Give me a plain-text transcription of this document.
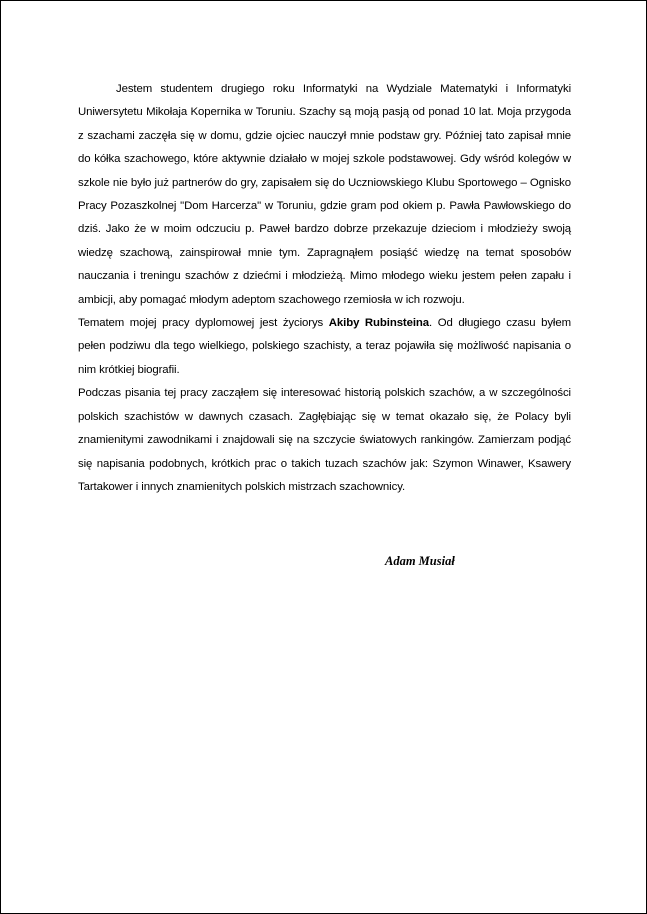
Jestem studentem drugiego roku Informatyki na Wydziale Matematyki i Informatyki Uniwersytetu Mikołaja Kopernika w Toruniu. Szachy są moją pasją od ponad 10 lat. Moja przygoda z szachami zaczęła się w domu, gdzie ojciec nauczył mnie podstaw gry. Później tato zapisał mnie do kółka szachowego, które aktywnie działało w mojej szkole podstawowej. Gdy wśród kolegów w szkole nie było już partnerów do gry, zapisałem się do Uczniowskiego Klubu Sportowego – Ognisko Pracy Pozaszkolnej "Dom Harcerza" w Toruniu, gdzie gram pod okiem p. Pawła Pawłowskiego do dziś. Jako że w moim odczuciu p. Paweł bardzo dobrze przekazuje dzieciom i młodzieży swoją wiedzę szachową, zainspirował mnie tym. Zapragnąłem posiąść wiedzę na temat sposobów nauczania i treningu szachów z dziećmi i młodzieżą. Mimo młodego wieku jestem pełen zapału i ambicji, aby pomagać młodym adeptom szachowego rzemiosła w ich rozwoju.

Tematem mojej pracy dyplomowej jest życiorys Akiby Rubinsteina. Od długiego czasu byłem pełen podziwu dla tego wielkiego, polskiego szachisty, a teraz pojawiła się możliwość napisania o nim krótkiej biografii.

Podczas pisania tej pracy zacząłem się interesować historią polskich szachów, a w szczególności polskich szachistów w dawnych czasach. Zagłębiając się w temat okazało się, że Polacy byli znamienitymi zawodnikami i znajdowali się na szczycie światowych rankingów. Zamierzam podjąć się napisania podobnych, krótkich prac o takich tuzach szachów jak: Szymon Winawer, Ksawery Tartakower i innych znamienitych polskich mistrzach szachownicy.

Adam Musiał
